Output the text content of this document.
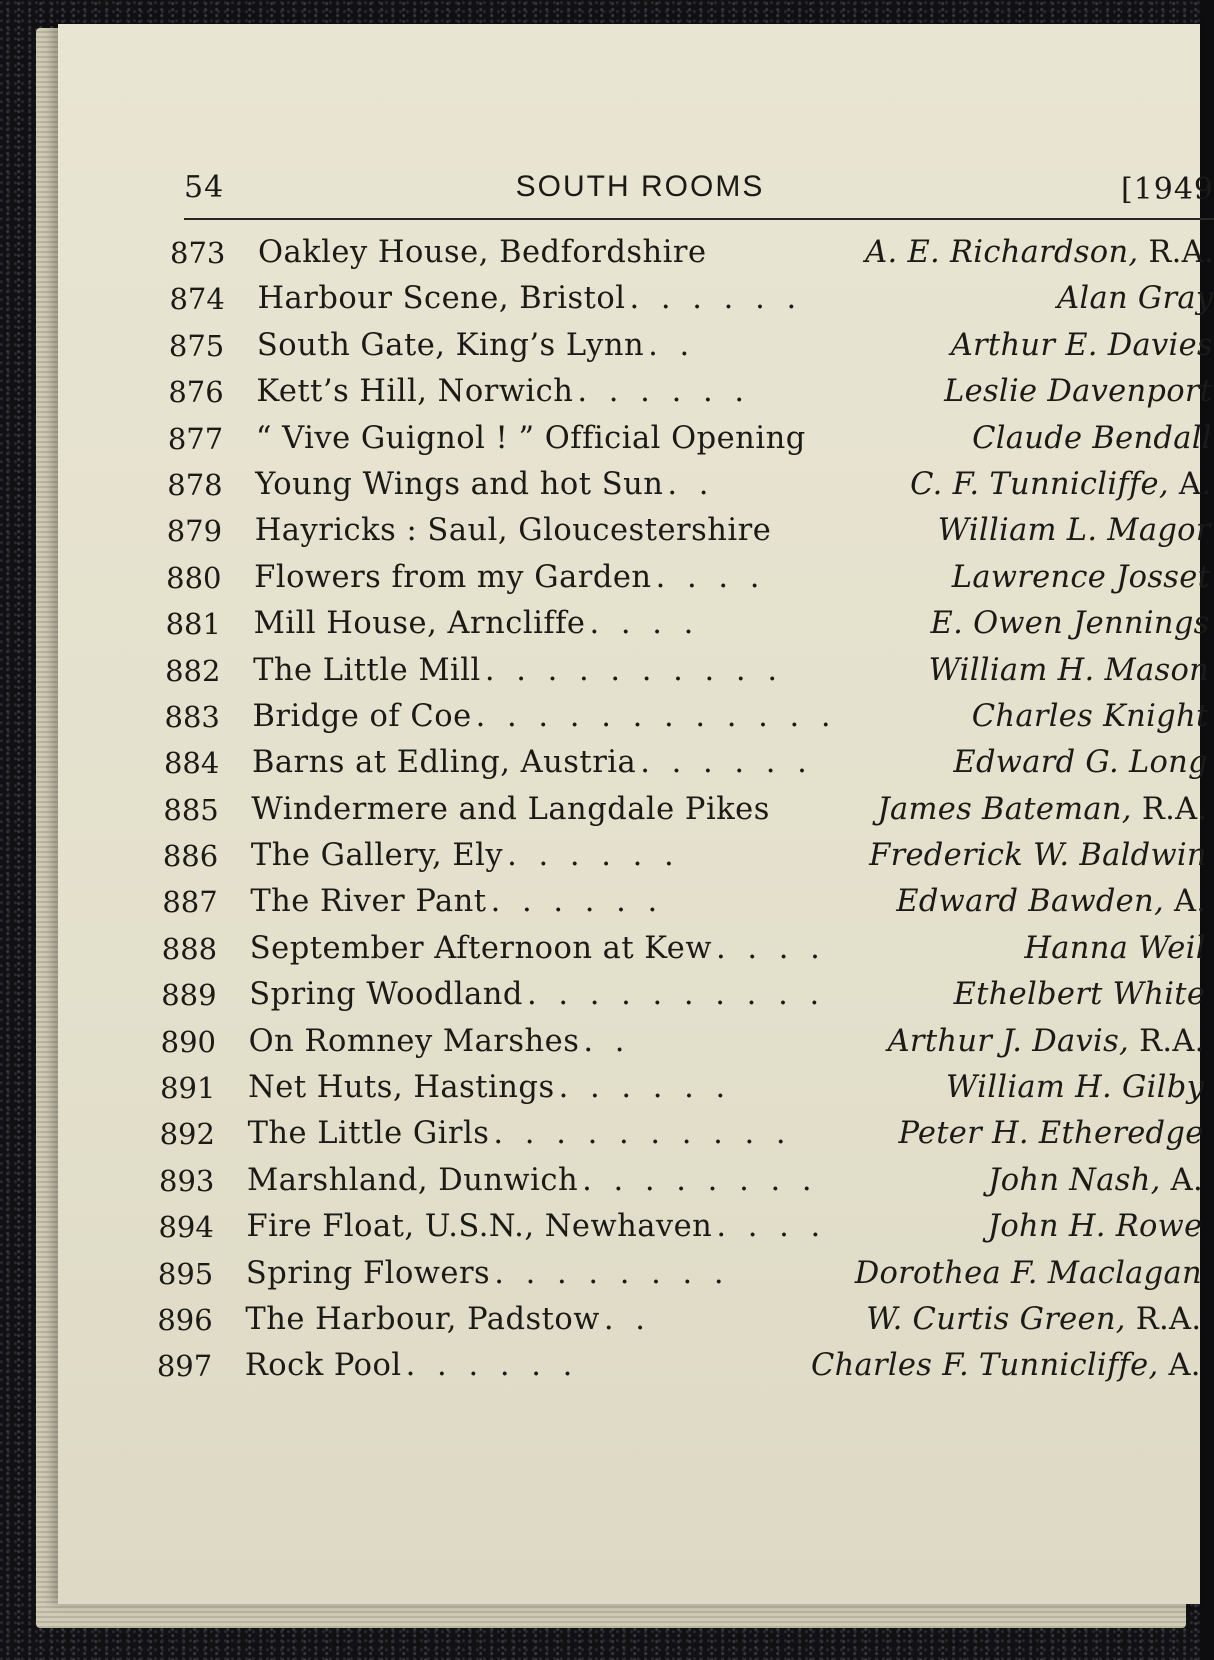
54	SOUTH ROOMS	[1949
873	Oakley House, Bedfordshire	A. E. Richardson, R.A.
874	Harbour Scene, Bristol . . . . . .	Alan Gray
875	South Gate, King’s Lynn . .	Arthur E. Davies
876	Kett’s Hill, Norwich . . . . . .	Leslie Davenport
877	“ Vive Guignol ! ” Official Opening	Claude Bendall
878	Young Wings and hot Sun . .	C. F. Tunnicliffe, A.
879	Hayricks : Saul, Gloucestershire	William L. Magor
880	Flowers from my Garden . . . .	Lawrence Josset
881	Mill House, Arncliffe . . . .	E. Owen Jennings
882	The Little Mill . . . . . . . . . .	William H. Mason
883	Bridge of Coe . . . . . . . . . . . .	Charles Knight
884	Barns at Edling, Austria . . . . . .	Edward G. Long
885	Windermere and Langdale Pikes	James Bateman, R.A.
886	The Gallery, Ely . . . . . .	Frederick W. Baldwin
887	The River Pant . . . . . .	Edward Bawden, A.
888	September Afternoon at Kew . . . .	Hanna Weil
889	Spring Woodland . . . . . . . . . .	Ethelbert White
890	On Romney Marshes . .	Arthur J. Davis, R.A.
891	Net Huts, Hastings . . . . . .	William H. Gilby
892	The Little Girls . . . . . . . . . .	Peter H. Etheredge
893	Marshland, Dunwich . . . . . . . .	John Nash, A.
894	Fire Float, U.S.N., Newhaven . . . .	John H. Rowe
895	Spring Flowers . . . . . . . .	Dorothea F. Maclagan
896	The Harbour, Padstow . .	W. Curtis Green, R.A.
897	Rock Pool . . . . . .	Charles F. Tunnicliffe, A.
